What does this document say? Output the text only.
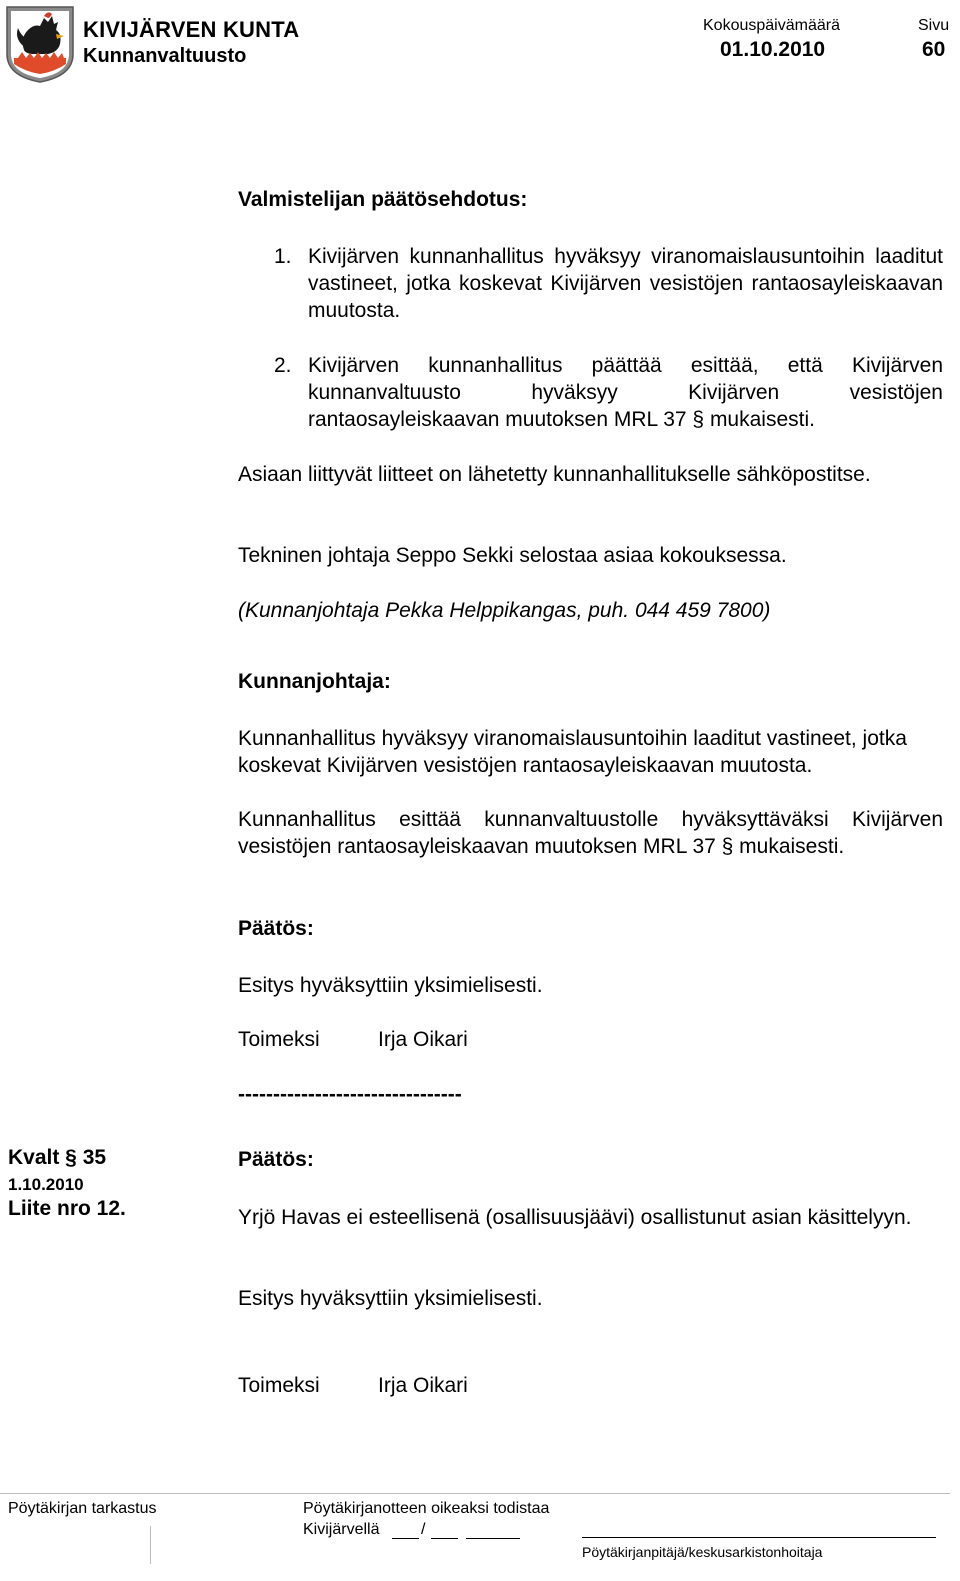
KIVIJÄRVEN KUNTA
Kunnanvaltuusto
Kokouspäivämäärä
01.10.2010
Sivu
60
Valmistelijan päätösehdotus:
1. Kivijärven kunnanhallitus hyväksyy viranomaislausuntoihin laaditut vastineet, jotka koskevat Kivijärven vesistöjen rantaosayleiskaavan muutosta.
2. Kivijärven kunnanhallitus päättää esittää, että Kivijärven kunnanvaltuusto hyväksyy Kivijärven vesistöjen rantaosayleiskaavan muutoksen MRL 37 § mukaisesti.
Asiaan liittyvät liitteet on lähetetty kunnanhallitukselle sähköpostitse.
Tekninen johtaja Seppo Sekki selostaa asiaa kokouksessa.
(Kunnanjohtaja Pekka Helppikangas, puh. 044 459 7800)
Kunnanjohtaja:
Kunnanhallitus hyväksyy viranomaislausuntoihin laaditut vastineet, jotka koskevat Kivijärven vesistöjen rantaosayleiskaavan muutosta.
Kunnanhallitus esittää kunnanvaltuustolle hyväksyttäväksi Kivijärven vesistöjen rantaosayleiskaavan muutoksen MRL 37 § mukaisesti.
Päätös:
Esitys hyväksyttiin yksimielisesti.
Toimeksi	Irja Oikari
--------------------------------
Kvalt § 35
1.10.2010
Liite nro 12.
Päätös:
Yrjö Havas ei esteellisenä (osallisuusjäävi) osallistunut asian käsittelyyn.
Esitys hyväksyttiin yksimielisesti.
Toimeksi	Irja Oikari
Pöytäkirjan tarkastus	Pöytäkirjanotteen oikeaksi todistaa
Kivijärvellä	/
Pöytäkirjanpitäjä/keskusarkistonhoitaja
